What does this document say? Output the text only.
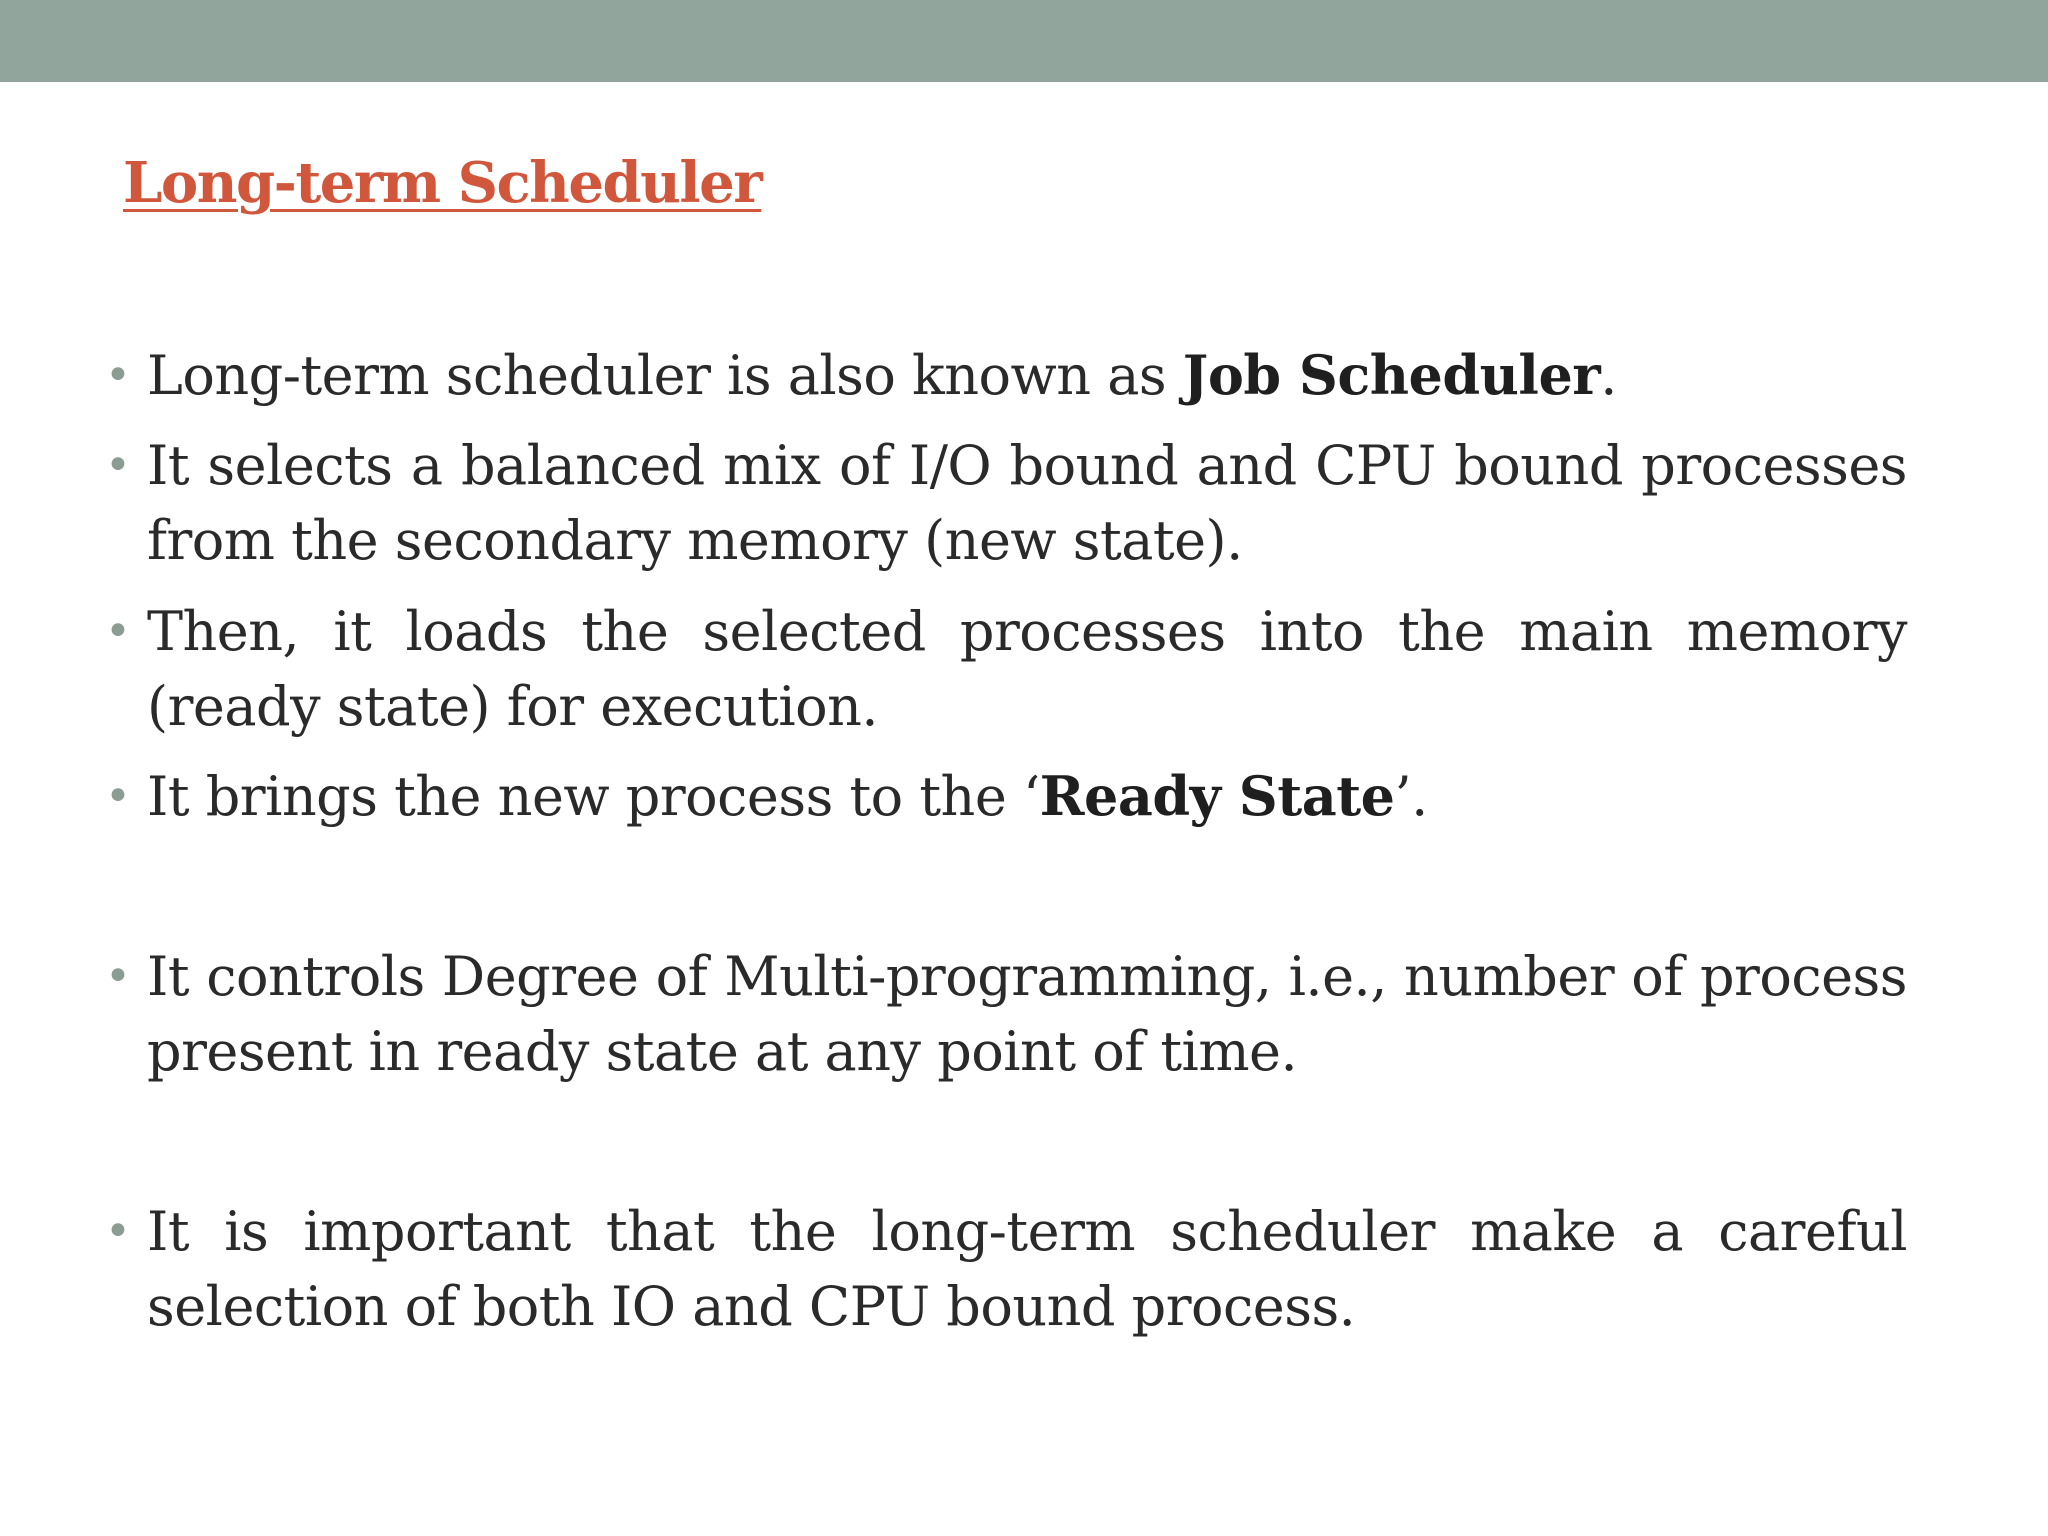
Long-term Scheduler
• Long-term scheduler is also known as Job Scheduler.
• It selects a balanced mix of I/O bound and CPU bound processes from the secondary memory (new state).
• Then, it loads the selected processes into the main memory (ready state) for execution.
• It brings the new process to the ‘Ready State’.
• It controls Degree of Multi-programming, i.e., number of process present in ready state at any point of time.
• It is important that the long-term scheduler make a careful selection of both IO and CPU bound process.
